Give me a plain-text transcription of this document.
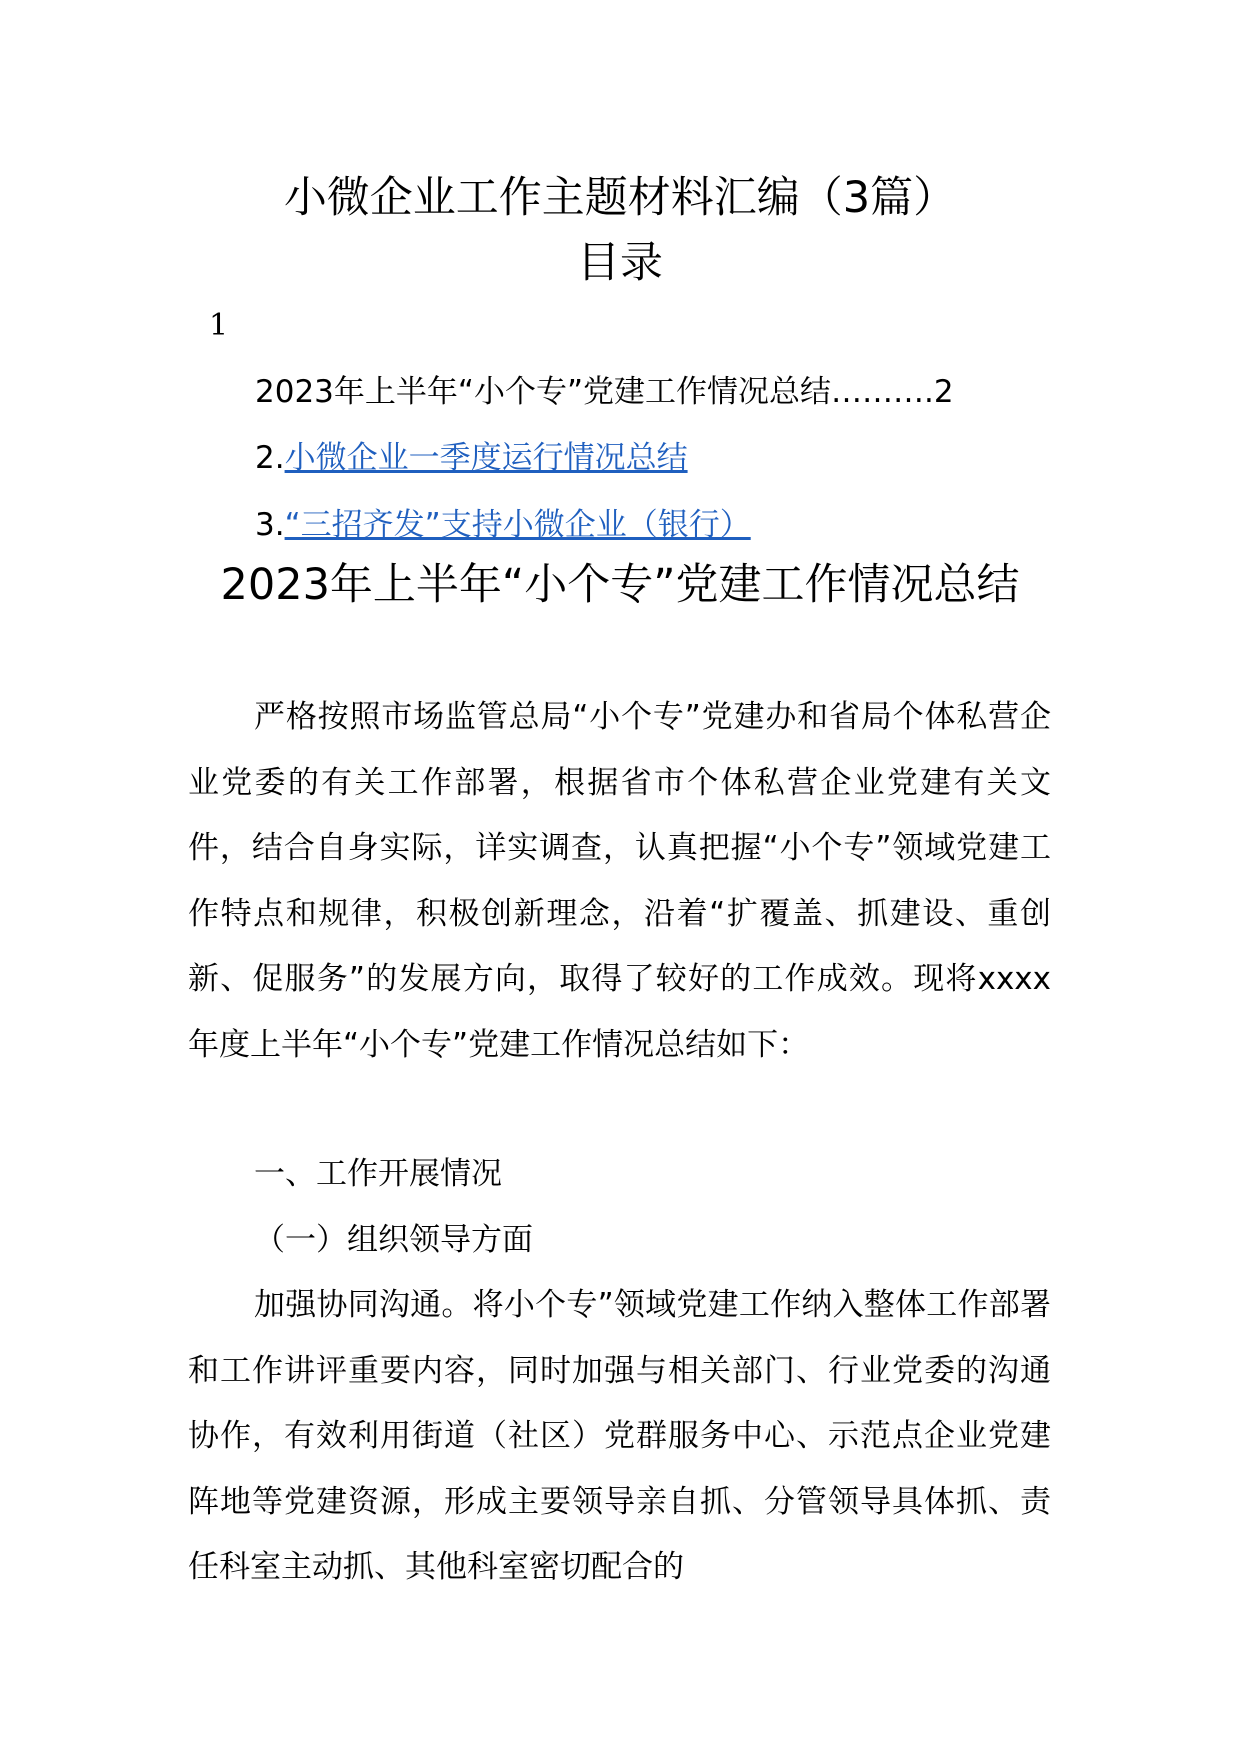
小微企业工作主题材料汇编（3篇）
目录
1
2023年上半年“小个专”党建工作情况总结……….2
2.小微企业一季度运行情况总结
3.“三招齐发”支持小微企业（银行）
2023年上半年“小个专”党建工作情况总结

严格按照市场监管总局“小个专”党建办和省局个体私营企业党委的有关工作部署，根据省市个体私营企业党建有关文件，结合自身实际，详实调查，认真把握“小个专”领域党建工作特点和规律，积极创新理念，沿着“扩覆盖、抓建设、重创新、促服务”的发展方向，取得了较好的工作成效。现将xxxx年度上半年“小个专”党建工作情况总结如下：

一、工作开展情况

（一）组织领导方面

加强协同沟通。将小个专”领域党建工作纳入整体工作部署和工作讲评重要内容，同时加强与相关部门、行业党委的沟通协作，有效利用街道（社区）党群服务中心、示范点企业党建阵地等党建资源，形成主要领导亲自抓、分管领导具体抓、责任科室主动抓、其他科室密切配合的
